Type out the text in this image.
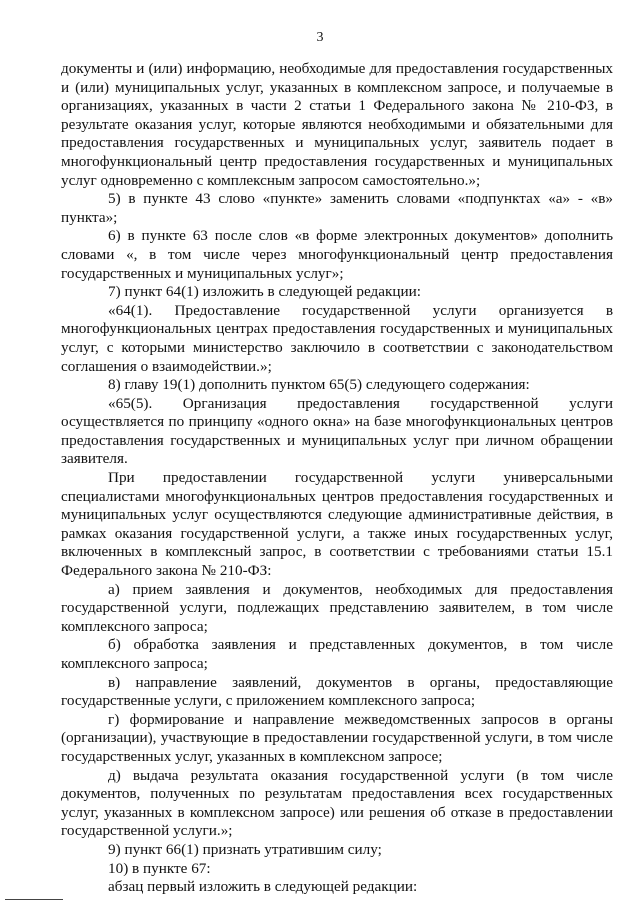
3

документы и (или) информацию, необходимые для предоставления государственных и (или) муниципальных услуг, указанных в комплексном запросе, и получаемые в организациях, указанных в части 2 статьи 1 Федерального закона № 210-ФЗ, в результате оказания услуг, которые являются необходимыми и обязательными для предоставления государственных и муниципальных услуг, заявитель подает в многофункциональный центр предоставления государственных и муниципальных услуг одновременно с комплексным запросом самостоятельно.»;

5) в пункте 43 слово «пункте» заменить словами «подпунктах «а» - «в» пункта»;

6) в пункте 63 после слов «в форме электронных документов» дополнить словами «, в том числе через многофункциональный центр предоставления государственных и муниципальных услуг»;

7) пункт 64(1) изложить в следующей редакции:

«64(1). Предоставление государственной услуги организуется в многофункциональных центрах предоставления государственных и муниципальных услуг, с которыми министерство заключило в соответствии с законодательством соглашения о взаимодействии.»;

8) главу 19(1) дополнить пунктом 65(5) следующего содержания:

«65(5). Организация предоставления государственной услуги осуществляется по принципу «одного окна» на базе многофункциональных центров предоставления государственных и муниципальных услуг при личном обращении заявителя.

При предоставлении государственной услуги универсальными специалистами многофункциональных центров предоставления государственных и муниципальных услуг осуществляются следующие административные действия, в рамках оказания государственной услуги, а также иных государственных услуг, включенных в комплексный запрос, в соответствии с требованиями статьи 15.1 Федерального закона № 210-ФЗ:

а) прием заявления и документов, необходимых для предоставления государственной услуги, подлежащих представлению заявителем, в том числе комплексного запроса;

б) обработка заявления и представленных документов, в том числе комплексного запроса;

в) направление заявлений, документов в органы, предоставляющие государственные услуги, с приложением комплексного запроса;

г) формирование и направление межведомственных запросов в органы (организации), участвующие в предоставлении государственной услуги, в том числе государственных услуг, указанных в комплексном запросе;

д) выдача результата оказания государственной услуги (в том числе документов, полученных по результатам предоставления всех государственных услуг, указанных в комплексном запросе) или решения об отказе в предоставлении государственной услуги.»;

9) пункт 66(1) признать утратившим силу;

10) в пункте 67:

абзац первый изложить в следующей редакции:
